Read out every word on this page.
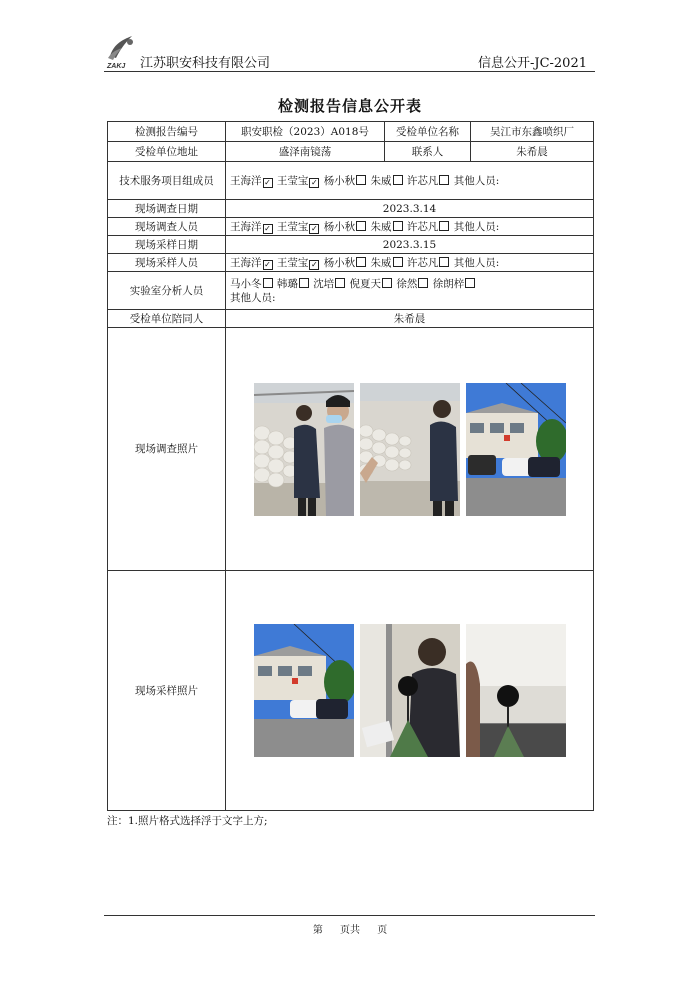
ZAKJ 江苏职安科技有限公司	信息公开-JC-2021
检测报告信息公开表
检测报告编号	职安职检（2023）A018号	受检单位名称	吴江市东鑫喷织厂
受检单位地址	盛泽南镜荡	联系人	朱希晨
技术服务项目组成员	王海洋 ✓ 王莹宝 ✓ 杨小秋 朱威 许芯凡 其他人员:		
现场调查日期	2023.3.14		
现场调查人员	王海洋 ✓ 王莹宝 ✓ 杨小秋 朱威 许芯凡 其他人员:		
现场采样日期	2023.3.15		
现场采样人员	王海洋 ✓ 王莹宝 ✓ 杨小秋 朱威 许芯凡 其他人员:		
实验室分析人员	马小冬 韩璐 沈培 倪夏天 徐然 徐朗梓
其他人员:		
受检单位陪同人	朱希晨		
现场调查照片	

现场采样照片	
注：1.照片格式选择浮于文字上方;
第 页共 页
